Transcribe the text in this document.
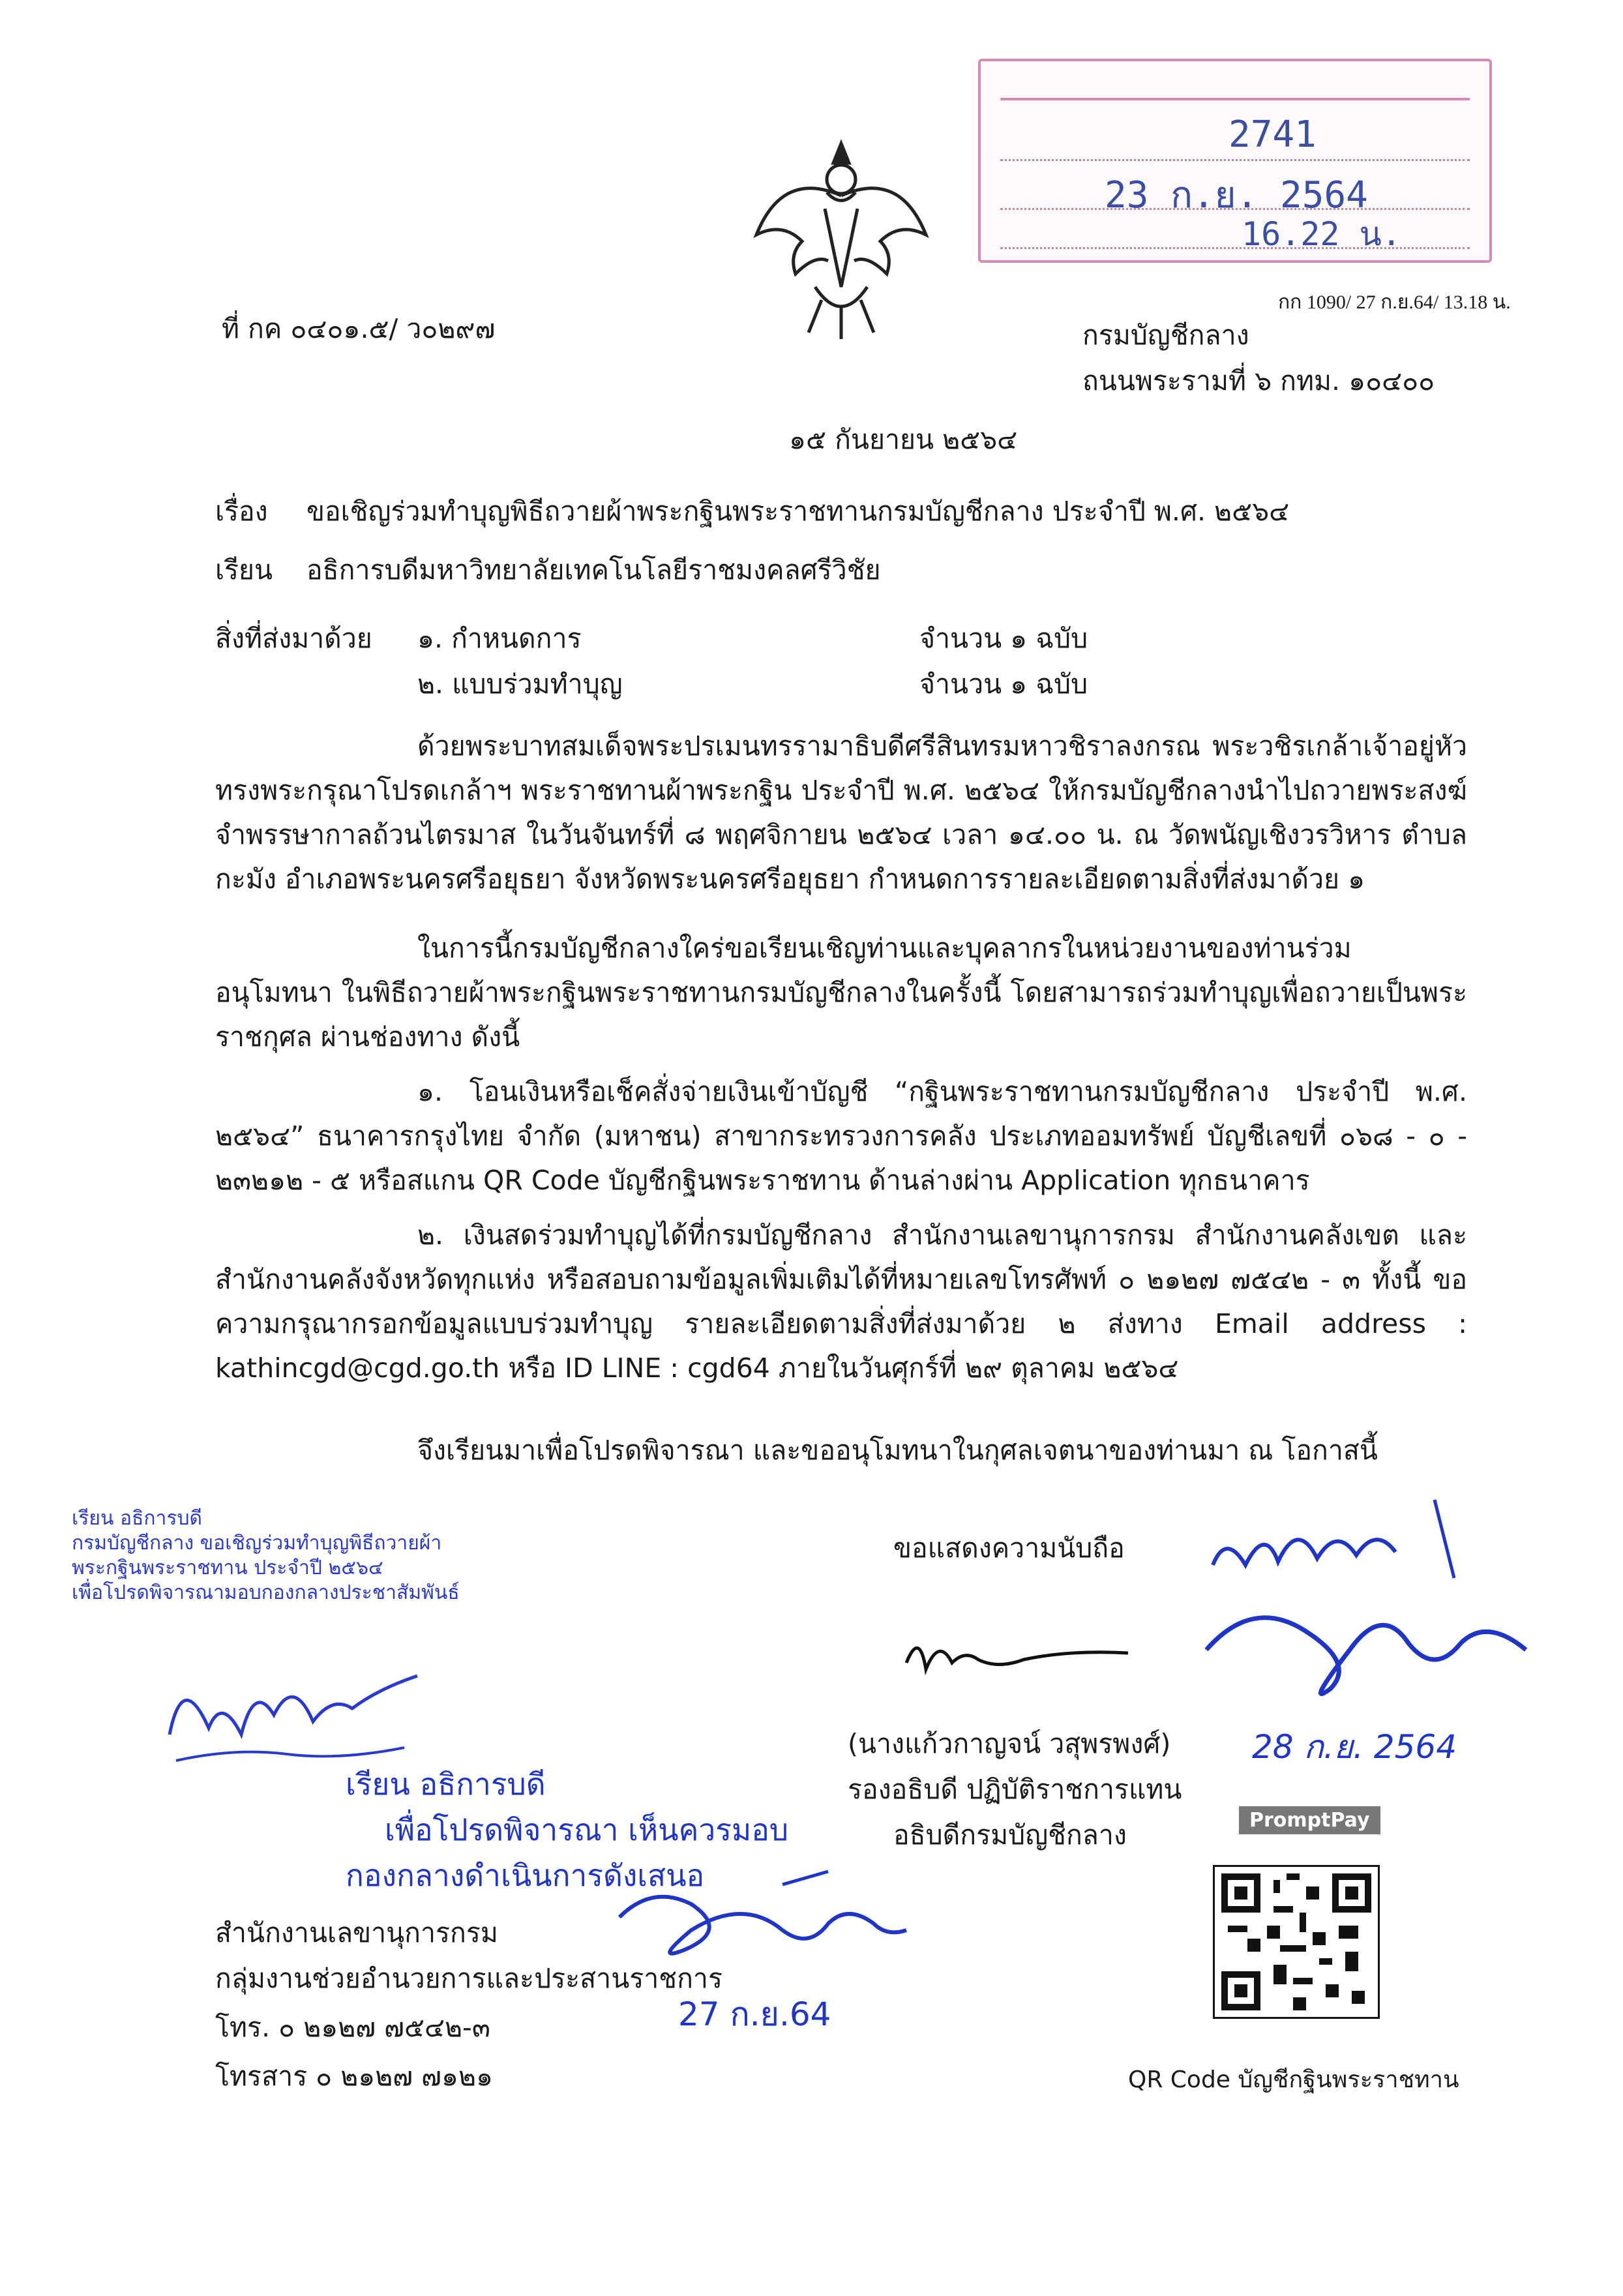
2741
23 ก.ย. 2564
16.22 น.
กก 1090/ 27 ก.ย.64/ 13.18 น.
ที่ กค ๐๔๐๑.๕/ ว๐๒๙๗	กรมบัญชีกลาง
ถนนพระรามที่ ๖ กทม. ๑๐๔๐๐
๑๕ กันยายน ๒๕๖๔
เรื่อง ขอเชิญร่วมทำบุญพิธีถวายผ้าพระกฐินพระราชทานกรมบัญชีกลาง ประจำปี พ.ศ. ๒๕๖๔
เรียน อธิการบดีมหาวิทยาลัยเทคโนโลยีราชมงคลศรีวิชัย
สิ่งที่ส่งมาด้วย ๑. กำหนดการ	จำนวน ๑ ฉบับ
๒. แบบร่วมทำบุญ	จำนวน ๑ ฉบับ
ด้วยพระบาทสมเด็จพระปรเมนทรรามาธิบดีศรีสินทรมหาวชิราลงกรณ พระวชิรเกล้าเจ้าอยู่หัว ทรงพระกรุณาโปรดเกล้าฯ พระราชทานผ้าพระกฐิน ประจำปี พ.ศ. ๒๕๖๔ ให้กรมบัญชีกลางนำไปถวายพระสงฆ์ จำพรรษากาลถ้วนไตรมาส ในวันจันทร์ที่ ๘ พฤศจิกายน ๒๕๖๔ เวลา ๑๔.๐๐ น. ณ วัดพนัญเชิงวรวิหาร ตำบลกะมัง อำเภอพระนครศรีอยุธยา จังหวัดพระนครศรีอยุธยา กำหนดการรายละเอียดตามสิ่งที่ส่งมาด้วย ๑
ในการนี้กรมบัญชีกลางใคร่ขอเรียนเชิญท่านและบุคลากรในหน่วยงานของท่านร่วมอนุโมทนา ในพิธีถวายผ้าพระกฐินพระราชทานกรมบัญชีกลางในครั้งนี้ โดยสามารถร่วมทำบุญเพื่อถวายเป็นพระราชกุศล ผ่านช่องทาง ดังนี้
๑. โอนเงินหรือเช็คสั่งจ่ายเงินเข้าบัญชี “กฐินพระราชทานกรมบัญชีกลาง ประจำปี พ.ศ. ๒๕๖๔” ธนาคารกรุงไทย จำกัด (มหาชน) สาขากระทรวงการคลัง ประเภทออมทรัพย์ บัญชีเลขที่ ๐๖๘ - ๐ - ๒๓๒๑๒ - ๕ หรือสแกน QR Code บัญชีกฐินพระราชทาน ด้านล่างผ่าน Application ทุกธนาคาร
๒. เงินสดร่วมทำบุญได้ที่กรมบัญชีกลาง สำนักงานเลขานุการกรม สำนักงานคลังเขต และสำนักงานคลังจังหวัดทุกแห่ง หรือสอบถามข้อมูลเพิ่มเติมได้ที่หมายเลขโทรศัพท์ ๐ ๒๑๒๗ ๗๕๔๒ - ๓ ทั้งนี้ ขอความกรุณากรอกข้อมูลแบบร่วมทำบุญ รายละเอียดตามสิ่งที่ส่งมาด้วย ๒ ส่งทาง Email address : kathincgd@cgd.go.th หรือ ID LINE : cgd64 ภายในวันศุกร์ที่ ๒๙ ตุลาคม ๒๕๖๔
จึงเรียนมาเพื่อโปรดพิจารณา และขออนุโมทนาในกุศลเจตนาของท่านมา ณ โอกาสนี้
เรียน อธิการบดี
กรมบัญชีกลาง ขอเชิญร่วมทำบุญพิธีถวายผ้าพระกฐินพระราชทาน ประจำปี ๒๕๖๔
เพื่อโปรดพิจารณามอบกองกลางประชาสัมพันธ์
เรียน อธิการบดี
เพื่อโปรดพิจารณา เห็นควรมอบ
กองกลางดำเนินการดังเสนอ
27 ก.ย.64
ขอแสดงความนับถือ
(นางแก้วกาญจน์ วสุพรพงศ์)
รองอธิบดี ปฏิบัติราชการแทน
อธิบดีกรมบัญชีกลาง
28 ก.ย. 2564
PromptPay
QR Code บัญชีกฐินพระราชทาน
สำนักงานเลขานุการกรม
กลุ่มงานช่วยอำนวยการและประสานราชการ
โทร. ๐ ๒๑๒๗ ๗๕๔๒-๓
โทรสาร ๐ ๒๑๒๗ ๗๑๒๑
